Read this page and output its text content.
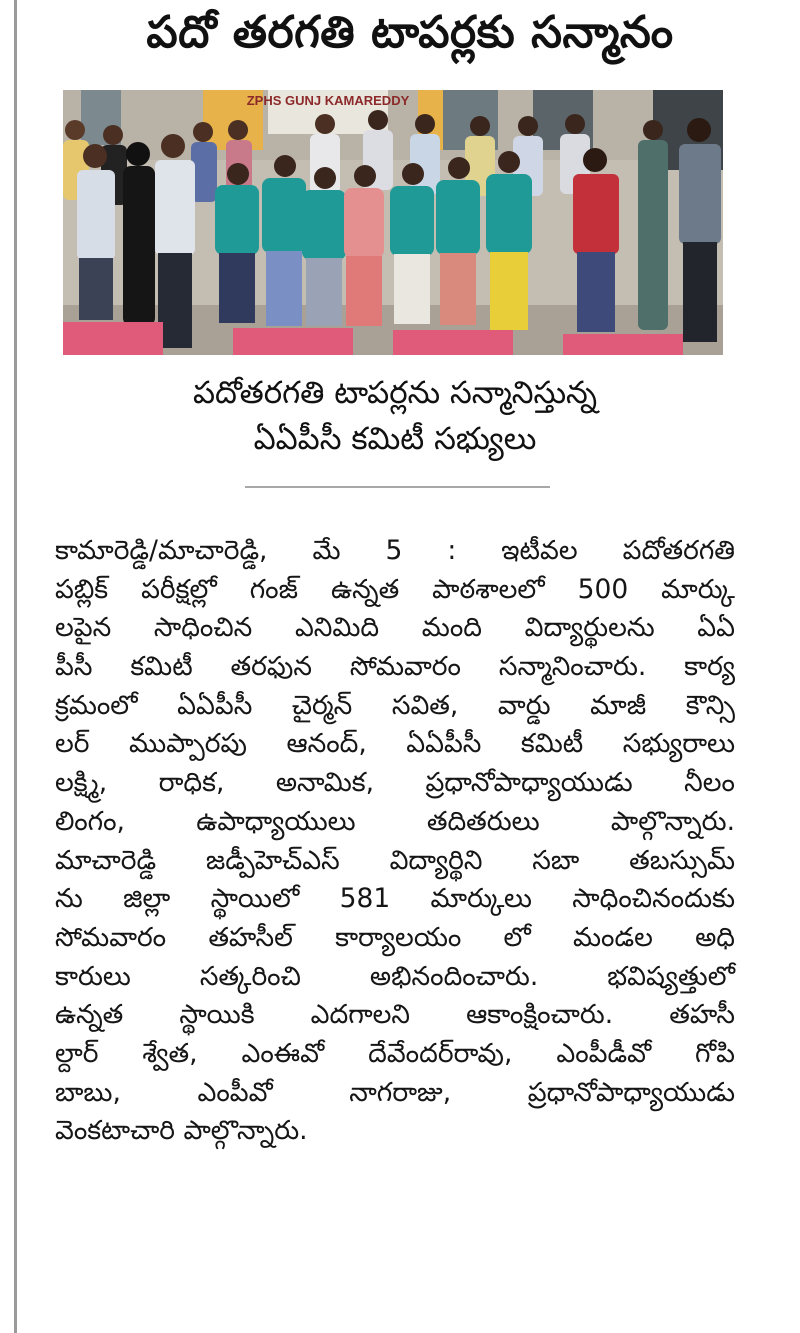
పదో తరగతి టాపర్లకు సన్మానం
ZPHS GUNJ KAMAREDDY
పదోతరగతి టాపర్లను సన్మానిస్తున్న
ఏఏపీసీ కమిటీ సభ్యులు
కామారెడ్డి/మాచారెడ్డి, మే 5 : ఇటీవల పదోతరగతి
పబ్లిక్ పరీక్షల్లో గంజ్ ఉన్నత పాఠశాలలో 500 మార్కు
లపైన సాధించిన ఎనిమిది మంది విద్యార్థులను ఏఏ
పీసీ కమిటీ తరఫున సోమవారం సన్మానించారు. కార్య
క్రమంలో ఏఏపీసీ చైర్మన్ సవిత, వార్డు మాజీ కౌన్సి
లర్ ముప్పారపు ఆనంద్, ఏఏపీసీ కమిటీ సభ్యురాలు
లక్ష్మి, రాధిక, అనామిక, ప్రధానోపాధ్యాయుడు నీలం
లింగం, ఉపాధ్యాయులు తదితరులు పాల్గొన్నారు.
మాచారెడ్డి జడ్పీహెచ్ఎస్ విద్యార్థిని సబా తబస్సుమ్
ను జిల్లా స్థాయిలో 581 మార్కులు సాధించినందుకు
సోమవారం తహసీల్ కార్యాలయం లో మండల అధి
కారులు సత్కరించి అభినందించారు. భవిష్యత్తులో
ఉన్నత స్థాయికి ఎదగాలని ఆకాంక్షించారు. తహసీ
ల్దార్ శ్వేత, ఎంఈవో దేవేందర్‌రావు, ఎంపీడీవో గోపి
బాబు, ఎంపీవో నాగరాజు, ప్రధానోపాధ్యాయుడు
వెంకటాచారి పాల్గొన్నారు.
